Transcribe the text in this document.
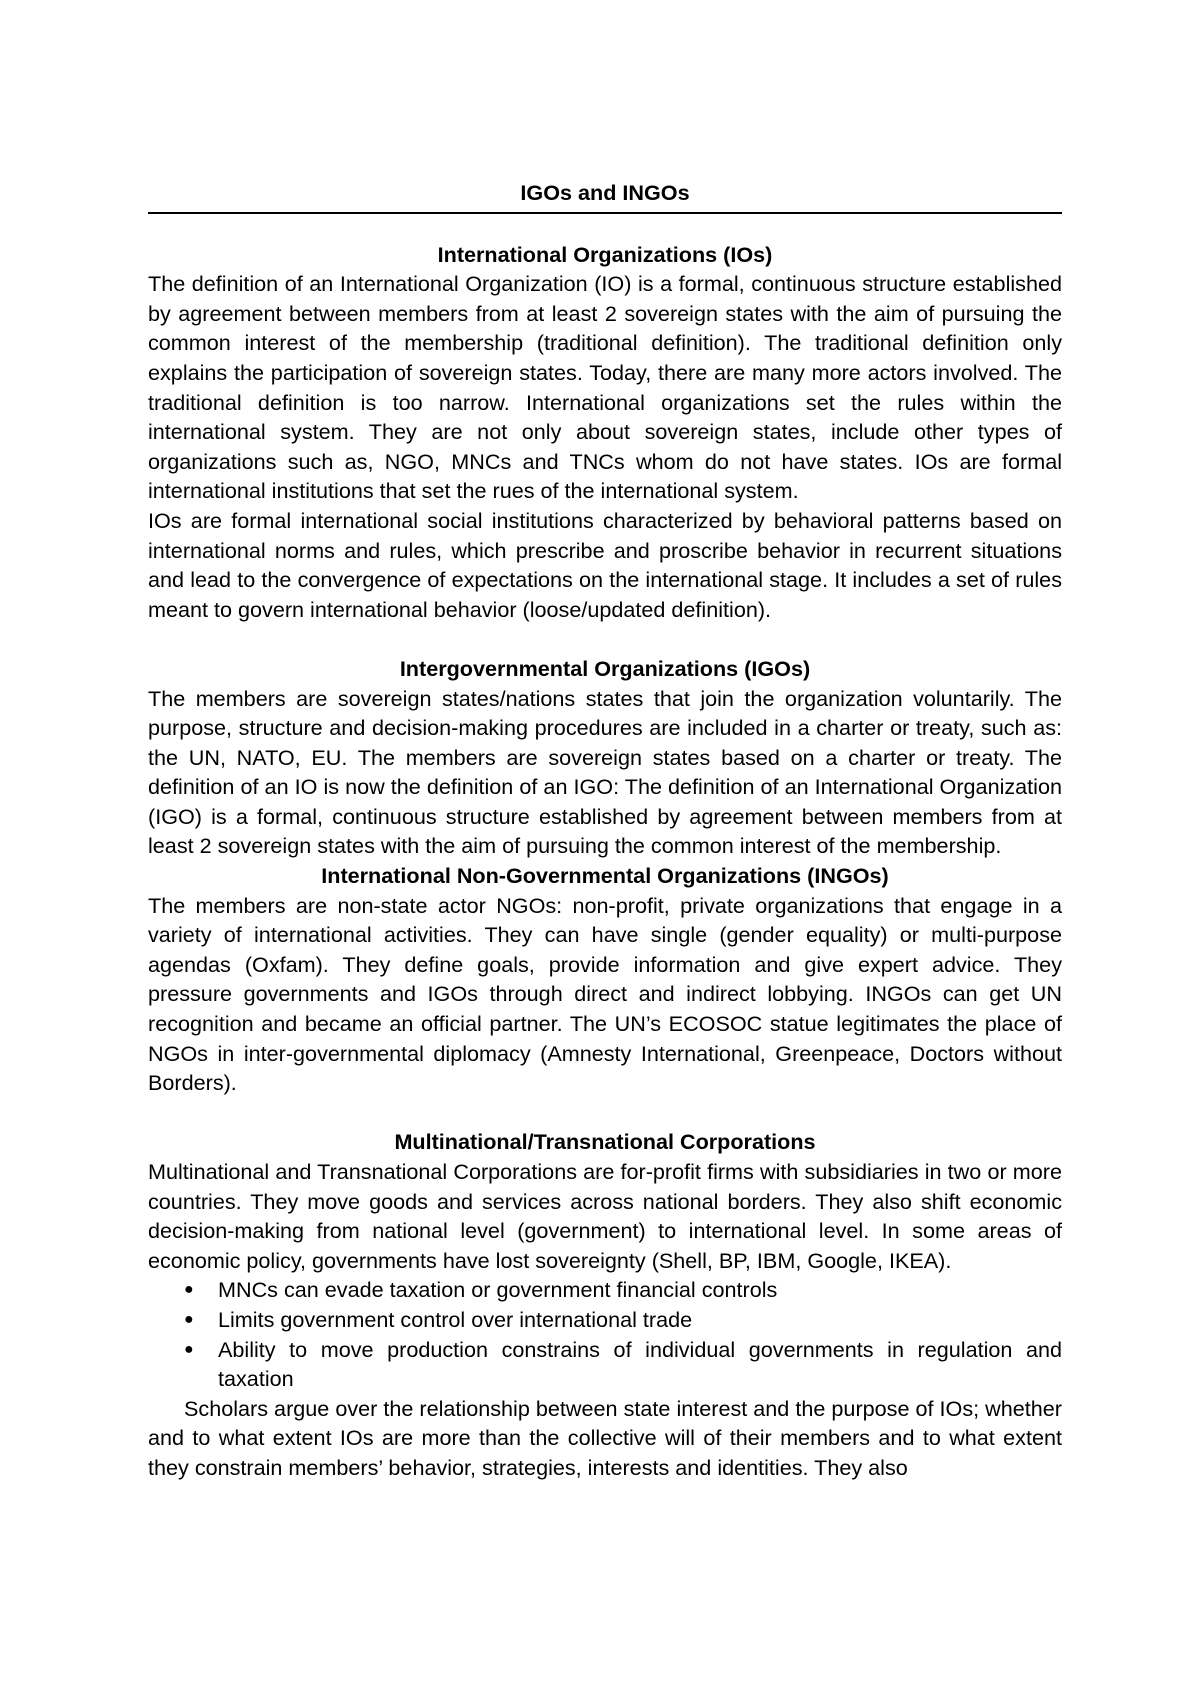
IGOs and INGOs
International Organizations (IOs)

The definition of an International Organization (IO) is a formal, continuous structure established by agreement between members from at least 2 sovereign states with the aim of pursuing the common interest of the membership (traditional definition). The traditional definition only explains the participation of sovereign states. Today, there are many more actors involved. The traditional definition is too narrow. International organizations set the rules within the international system. They are not only about sovereign states, include other types of organizations such as, NGO, MNCs and TNCs whom do not have states. IOs are formal international institutions that set the rues of the international system.

IOs are formal international social institutions characterized by behavioral patterns based on international norms and rules, which prescribe and proscribe behavior in recurrent situations and lead to the convergence of expectations on the international stage. It includes a set of rules meant to govern international behavior (loose/updated definition).

Intergovernmental Organizations (IGOs)

The members are sovereign states/nations states that join the organization voluntarily. The purpose, structure and decision-making procedures are included in a charter or treaty, such as: the UN, NATO, EU. The members are sovereign states based on a charter or treaty. The definition of an IO is now the definition of an IGO: The definition of an International Organization (IGO) is a formal, continuous structure established by agreement between members from at least 2 sovereign states with the aim of pursuing the common interest of the membership.

International Non-Governmental Organizations (INGOs)

The members are non-state actor NGOs: non-profit, private organizations that engage in a variety of international activities. They can have single (gender equality) or multi-purpose agendas (Oxfam). They define goals, provide information and give expert advice. They pressure governments and IGOs through direct and indirect lobbying. INGOs can get UN recognition and became an official partner. The UN’s ECOSOC statue legitimates the place of NGOs in inter-governmental diplomacy (Amnesty International, Greenpeace, Doctors without Borders).

Multinational/Transnational Corporations

Multinational and Transnational Corporations are for-profit firms with subsidiaries in two or more countries. They move goods and services across national borders. They also shift economic decision-making from national level (government) to international level. In some areas of economic policy, governments have lost sovereignty (Shell, BP, IBM, Google, IKEA).

● MNCs can evade taxation or government financial controls
● Limits government control over international trade
● Ability to move production constrains of individual governments in regulation and taxation

Scholars argue over the relationship between state interest and the purpose of IOs; whether and to what extent IOs are more than the collective will of their members and to what extent they constrain members’ behavior, strategies, interests and identities. They also
